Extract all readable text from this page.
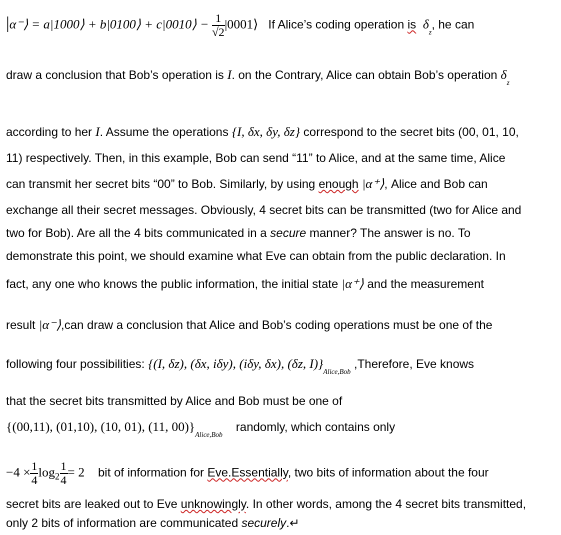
|α⁻⟩ = a|1000⟩ + b|0100⟩ + c|0010⟩ − $\frac{1}{√2}$ |0001⟩ If Alice’s coding operation is $\delta_z$, he can
draw a conclusion that Bob’s operation is I. on the Contrary, Alice can obtain Bob’s operation $\delta_z$
according to her I. Assume the operations {I, δx, δy, δz} correspond to the secret bits (00, 01, 10,
11) respectively. Then, in this example, Bob can send “11” to Alice, and at the same time, Alice
can transmit her secret bits “00” to Bob. Similarly, by using enough |α⁺⟩, Alice and Bob can
exchange all their secret messages. Obviously, 4 secret bits can be transmitted (two for Alice and
two for Bob). Are all the 4 bits communicated in a secure manner? The answer is no. To
demonstrate this point, we should examine what Eve can obtain from the public declaration. In
fact, any one who knows the public information, the initial state |α⁺⟩ and the measurement
result |α⁻⟩,can draw a conclusion that Alice and Bob’s coding operations must be one of the
following four possibilities: {(I, δz), (δx, iδy), (iδy, δx), (δz, $I)\}_{Alice,Bob}$ ,Therefore, Eve knows
that the secret bits transmitted by Alice and Bob must be one of
{(00,11), (01,10), (10, 01), (11, $00)\}_{Alice,Bob}$    randomly, which contains only
$-4 \times \frac{1}{4} \log_2 \frac{1}{4} = 2$ bit of information for Eve.Essentially, two bits of information about the four
secret bits are leaked out to Eve unknowingly. In other words, among the 4 secret bits transmitted,
only 2 bits of information are communicated securely.↵
